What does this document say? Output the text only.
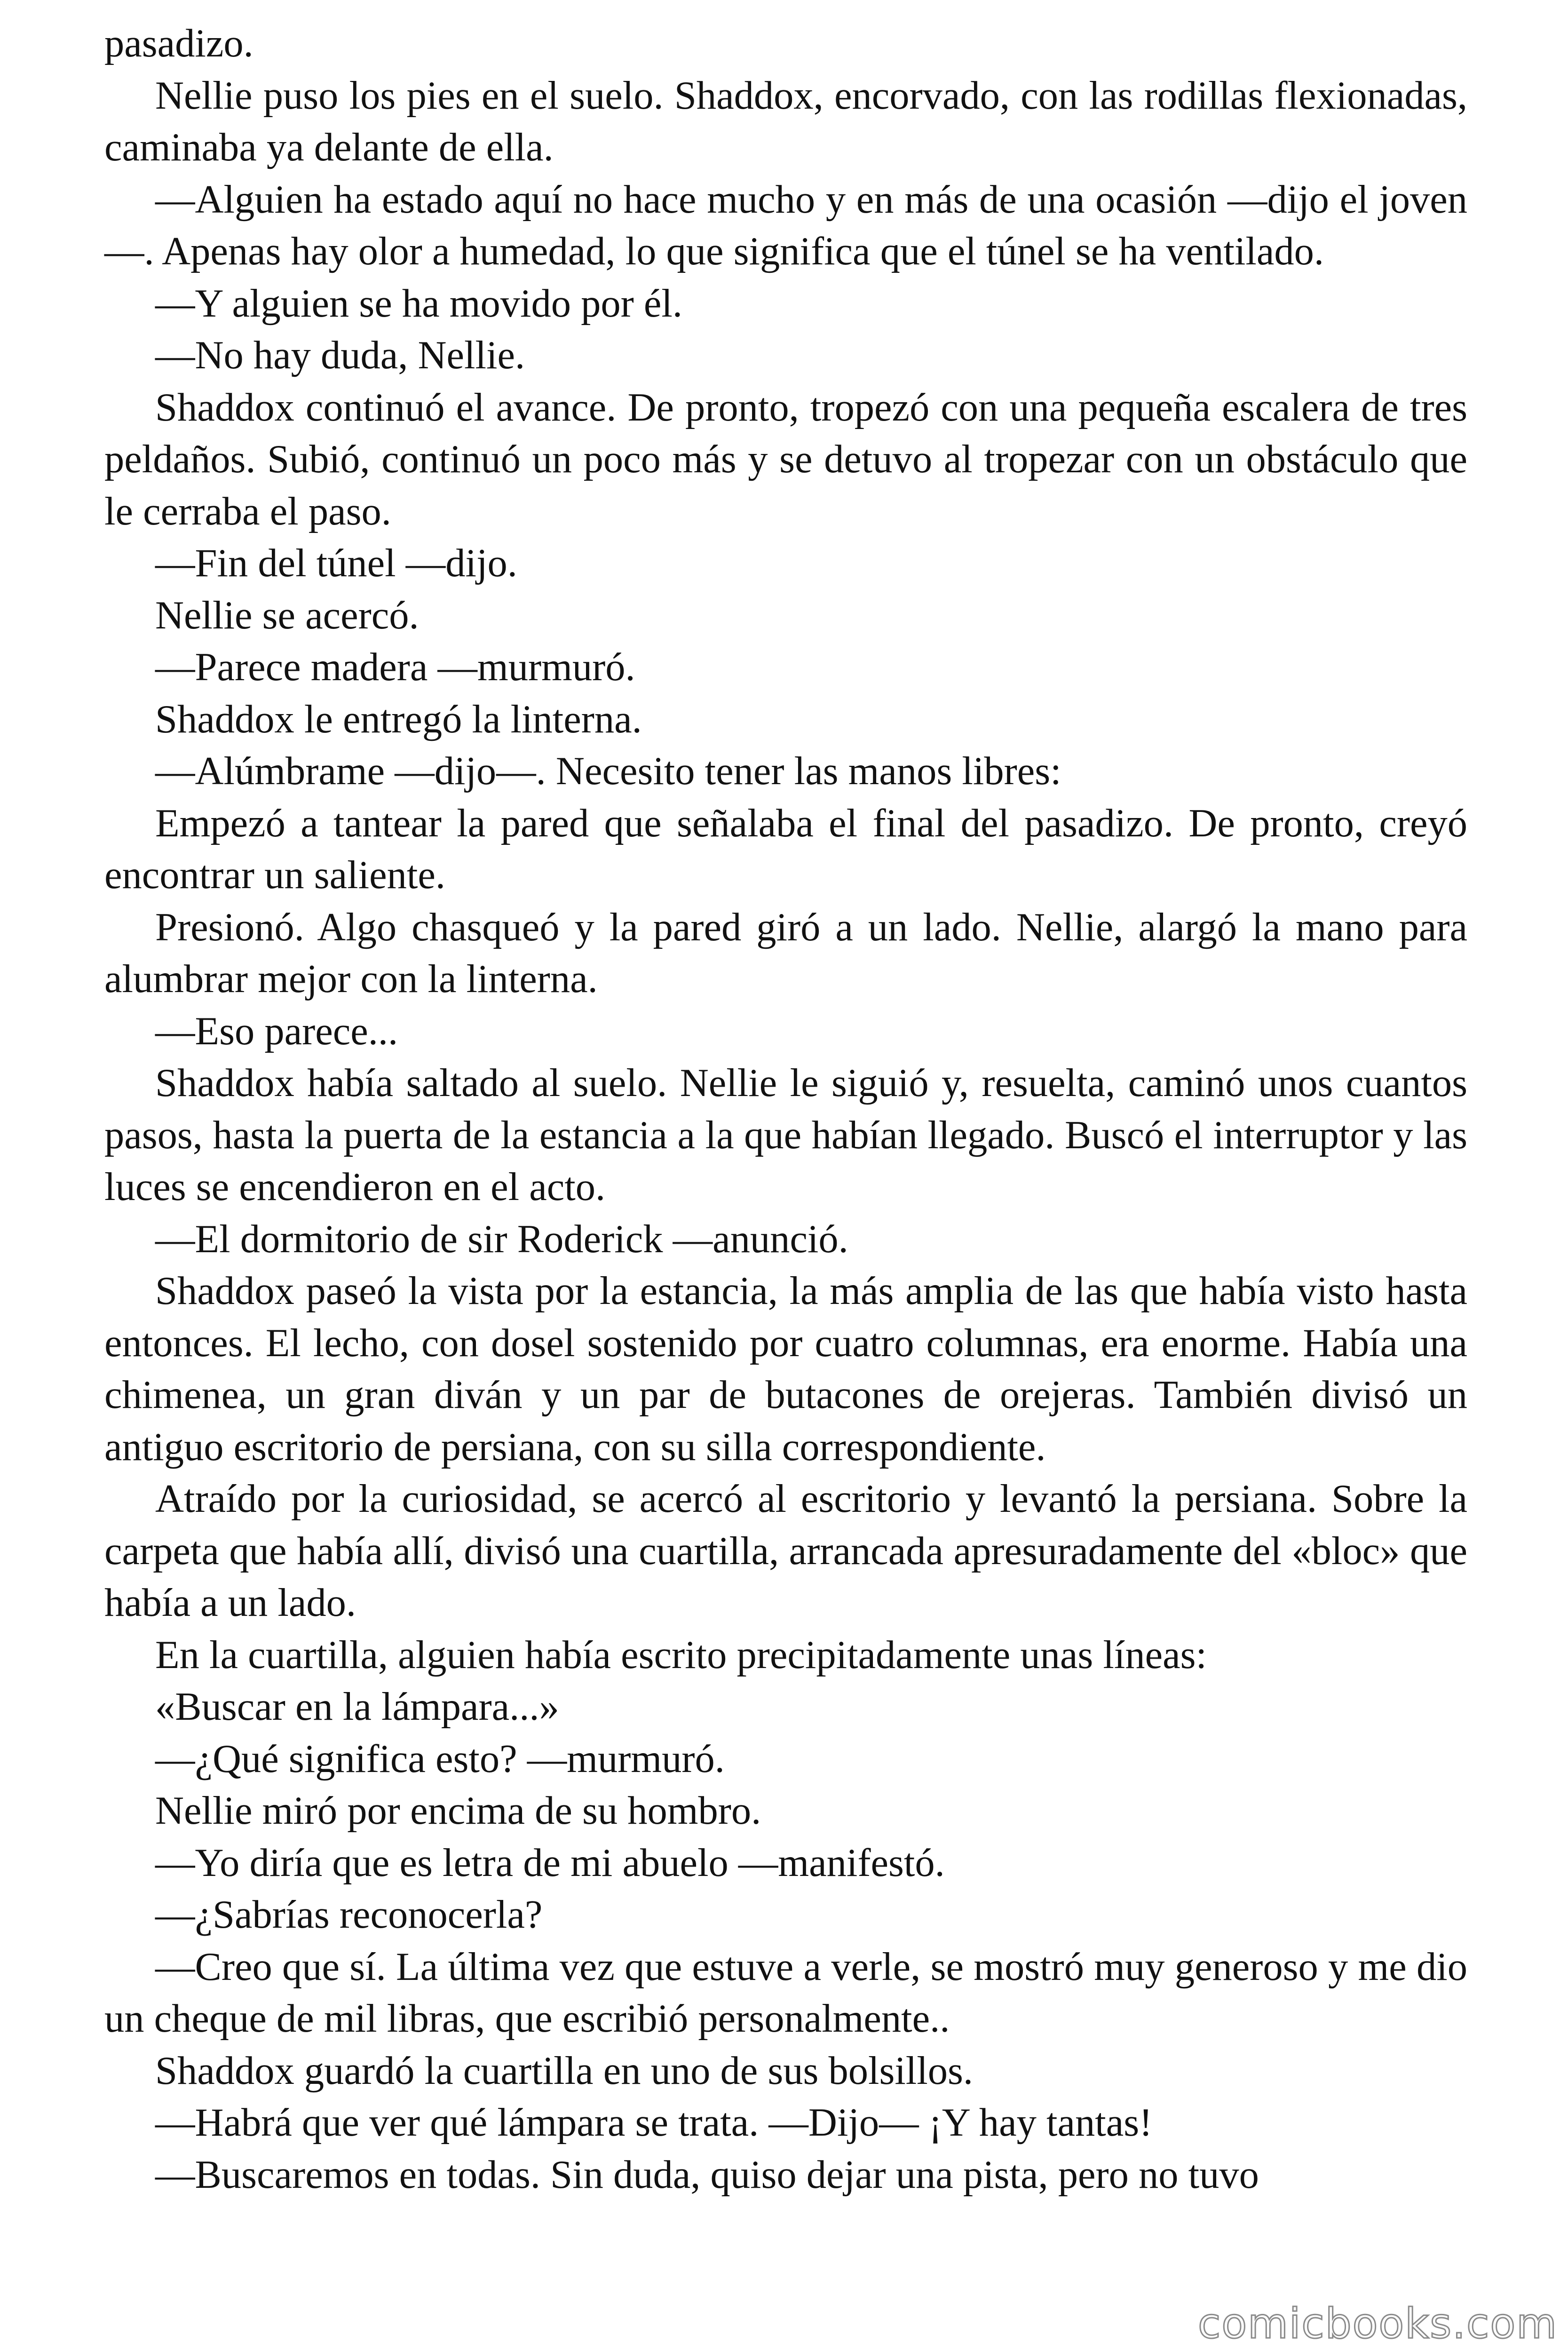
pasadizo.

Nellie puso los pies en el suelo. Shaddox, encorvado, con las rodillas flexionadas, caminaba ya delante de ella.

—Alguien ha estado aquí no hace mucho y en más de una ocasión —dijo el joven—. Apenas hay olor a humedad, lo que significa que el túnel se ha ventilado.

—Y alguien se ha movido por él.

—No hay duda, Nellie.

Shaddox continuó el avance. De pronto, tropezó con una pequeña escalera de tres peldaños. Subió, continuó un poco más y se detuvo al tropezar con un obstáculo que le cerraba el paso.

—Fin del túnel —dijo.

Nellie se acercó.

—Parece madera —murmuró.

Shaddox le entregó la linterna.

—Alúmbrame —dijo—. Necesito tener las manos libres:

Empezó a tantear la pared que señalaba el final del pasadizo. De pronto, creyó encontrar un saliente.

Presionó. Algo chasqueó y la pared giró a un lado. Nellie, alargó la mano para alumbrar mejor con la linterna.

—Eso parece...

Shaddox había saltado al suelo. Nellie le siguió y, resuelta, caminó unos cuantos pasos, hasta la puerta de la estancia a la que habían llegado. Buscó el interruptor y las luces se encendieron en el acto.

—El dormitorio de sir Roderick —anunció.

Shaddox paseó la vista por la estancia, la más amplia de las que había visto hasta entonces. El lecho, con dosel sostenido por cuatro columnas, era enorme. Había una chimenea, un gran diván y un par de butacones de orejeras. También divisó un antiguo escritorio de persiana, con su silla correspondiente.

Atraído por la curiosidad, se acercó al escritorio y levantó la persiana. Sobre la carpeta que había allí, divisó una cuartilla, arrancada apresuradamente del «bloc» que había a un lado.

En la cuartilla, alguien había escrito precipitadamente unas líneas:

«Buscar en la lámpara...»

—¿Qué significa esto? —murmuró.

Nellie miró por encima de su hombro.

—Yo diría que es letra de mi abuelo —manifestó.

—¿Sabrías reconocerla?

—Creo que sí. La última vez que estuve a verle, se mostró muy generoso y me dio un cheque de mil libras, que escribió personalmente..

Shaddox guardó la cuartilla en uno de sus bolsillos.

—Habrá que ver qué lámpara se trata. —Dijo— ¡Y hay tantas!

—Buscaremos en todas. Sin duda, quiso dejar una pista, pero no tuvo

comicbooks.com
